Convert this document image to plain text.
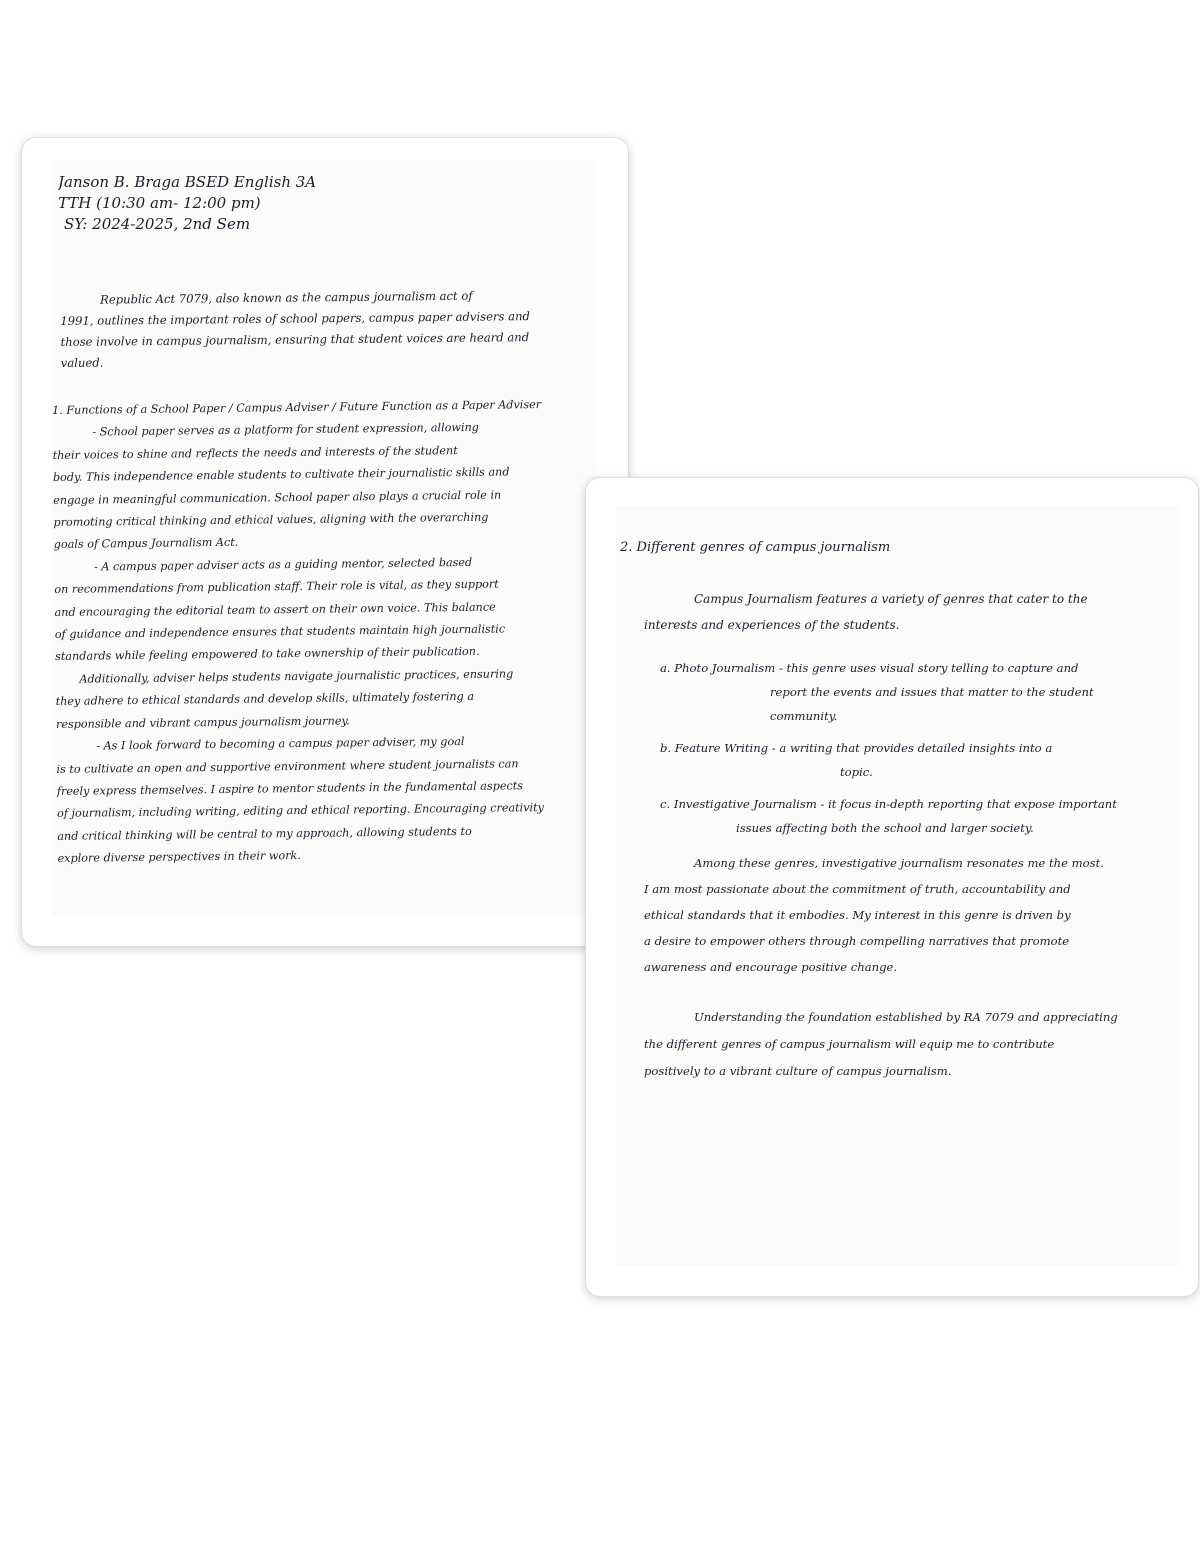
Janson B. Braga BSED English 3A
TTH (10:30 am- 12:00 pm)
SY: 2024-2025, 2nd Sem
Republic Act 7079, also known as the campus journalism act of
1991, outlines the important roles of school papers, campus paper advisers and
those involve in campus journalism, ensuring that student voices are heard and
valued.
1. Functions of a School Paper / Campus Adviser / Future Function as a Paper Adviser
- School paper serves as a platform for student expression, allowing
their voices to shine and reflects the needs and interests of the student
body. This independence enable students to cultivate their journalistic skills and
engage in meaningful communication. School paper also plays a crucial role in
promoting critical thinking and ethical values, aligning with the overarching
goals of Campus Journalism Act.
- A campus paper adviser acts as a guiding mentor, selected based
on recommendations from publication staff. Their role is vital, as they support
and encouraging the editorial team to assert on their own voice. This balance
of guidance and independence ensures that students maintain high journalistic
standards while feeling empowered to take ownership of their publication.
Additionally, adviser helps students navigate journalistic practices, ensuring
they adhere to ethical standards and develop skills, ultimately fostering a
responsible and vibrant campus journalism journey.
- As I look forward to becoming a campus paper adviser, my goal
is to cultivate an open and supportive environment where student journalists can
freely express themselves. I aspire to mentor students in the fundamental aspects
of journalism, including writing, editing and ethical reporting. Encouraging creativity
and critical thinking will be central to my approach, allowing students to
explore diverse perspectives in their work.
2. Different genres of campus journalism
Campus Journalism features a variety of genres that cater to the
interests and experiences of the students.
a. Photo Journalism - this genre uses visual story telling to capture and
report the events and issues that matter to the student
community.
b. Feature Writing - a writing that provides detailed insights into a
topic.
c. Investigative Journalism - it focus in-depth reporting that expose important
issues affecting both the school and larger society.
Among these genres, investigative journalism resonates me the most.
I am most passionate about the commitment of truth, accountability and
ethical standards that it embodies. My interest in this genre is driven by
a desire to empower others through compelling narratives that promote
awareness and encourage positive change.
Understanding the foundation established by RA 7079 and appreciating
the different genres of campus journalism will equip me to contribute
positively to a vibrant culture of campus journalism.
